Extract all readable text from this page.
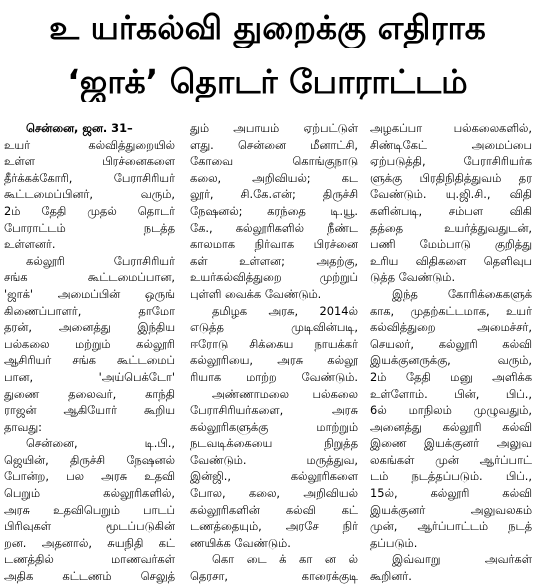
உ யர்கல்வி துறைக்கு எதிராக
‘ஜாக்’ தொடர் போராட்டம்
சென்னை, ஜன. 31–
உயர் கல்வித்துறையில்
உள்ள பிரச்னைகளை
தீர்க்கக்கோரி, பேராசிரியர்
கூட்டமைப்பினர், வரும்,
2ம் தேதி முதல் தொடர்
போராட்டம் நடத்த
உள்ளனர்.
கல்லூரி பேராசிரியர்
சங்க கூட்டமைப்பான,
'ஜாக்' அமைப்பின் ஒருங்
கிணைப்பாளர், தாமோ
தரன், அனைத்து இந்திய
பல்கலை மற்றும் கல்லூரி
ஆசிரியர் சங்க கூட்டமைப்
பான, 'அய்பெக்டோ'
துணை தலைவர், காந்தி
ராஜன் ஆகியோர் கூறிய
தாவது:
சென்னை, டி.பி.,
ஜெயின், திருச்சி நேஷனல்
போன்ற, பல அரசு உதவி
பெறும் கல்லூரிகளில்,
அரசு உதவிபெறும் பாடப்
பிரிவுகள் மூடப்படுகின்
றன. அதனால், சுயநிதி கட்
டணத்தில் மாணவர்கள்
அதிக கட்டணம் செலுத்
தும் அபாயம் ஏற்பட்டுள்
ளது. சென்னை மீனாட்சி,
கோவை கொங்குநாடு
கலை, அறிவியல்; கட
லூர், சி.கே.என்; திருச்சி
நேஷனல்; கரந்தை டி.யூ.
கே., கல்லூரிகளில் நீண்ட
காலமாக நிர்வாக பிரச்னை
கள் உள்ளன; அதற்கு,
உயர்கல்வித்துறை முற்றுப்
புள்ளி வைக்க வேண்டும்.
தமிழக அரசு, 2014ல்
எடுத்த முடிவின்படி,
ஈரோடு சிக்கைய நாயக்கர்
கல்லூரியை, அரசு கல்லூ
ரியாக மாற்ற வேண்டும்.
அண்ணாமலை பல்கலை
பேராசிரியர்களை, அரசு
கல்லூரிகளுக்கு மாற்றும்
நடவடிக்கையை நிறுத்த
வேண்டும். மருத்துவ,
இன்ஜி., கல்லூரிகளை
போல, கலை, அறிவியல்
கல்லூரிகளின் கல்வி கட்
டணத்தையும், அரசே நிர்
ணயிக்க வேண்டும்.
கொ டை க் கா ன ல்
தெரசா, காரைக்குடி
அழகப்பா பல்கலைகளில்,
சிண்டிகேட் அமைப்பை
ஏற்படுத்தி, பேராசிரியர்க
ளுக்கு பிரதிநிதித்துவம் தர
வேண்டும். யு.ஜி.சி., விதி
களின்படி, சம்பள விகி
தத்தை உயர்த்துவதுடன்,
பணி மேம்பாடு குறித்து
உரிய விதிகளை தெளிவுப
டுத்த வேண்டும்.
இந்த கோரிக்கைகளுக்
காக, முதற்கட்டமாக, உயர்
கல்வித்துறை அமைச்சர்,
செயலர், கல்லூரி கல்வி
இயக்குனருக்கு, வரும்,
2ம் தேதி மனு அளிக்க
உள்ளோம். பின், பிப்.,
6ல் மாநிலம் முழுவதும்,
அனைத்து கல்லூரி கல்வி
இணை இயக்குனர் அலுவ
லகங்கள் முன் ஆர்ப்பாட்
டம் நடத்தப்படும். பிப்.,
15ல், கல்லூரி கல்வி
இயக்குனர் அலுவலகம்
முன், ஆர்ப்பாட்டம் நடத்
தப்படும்.
இவ்வாறு அவர்கள்
கூறினர்.
